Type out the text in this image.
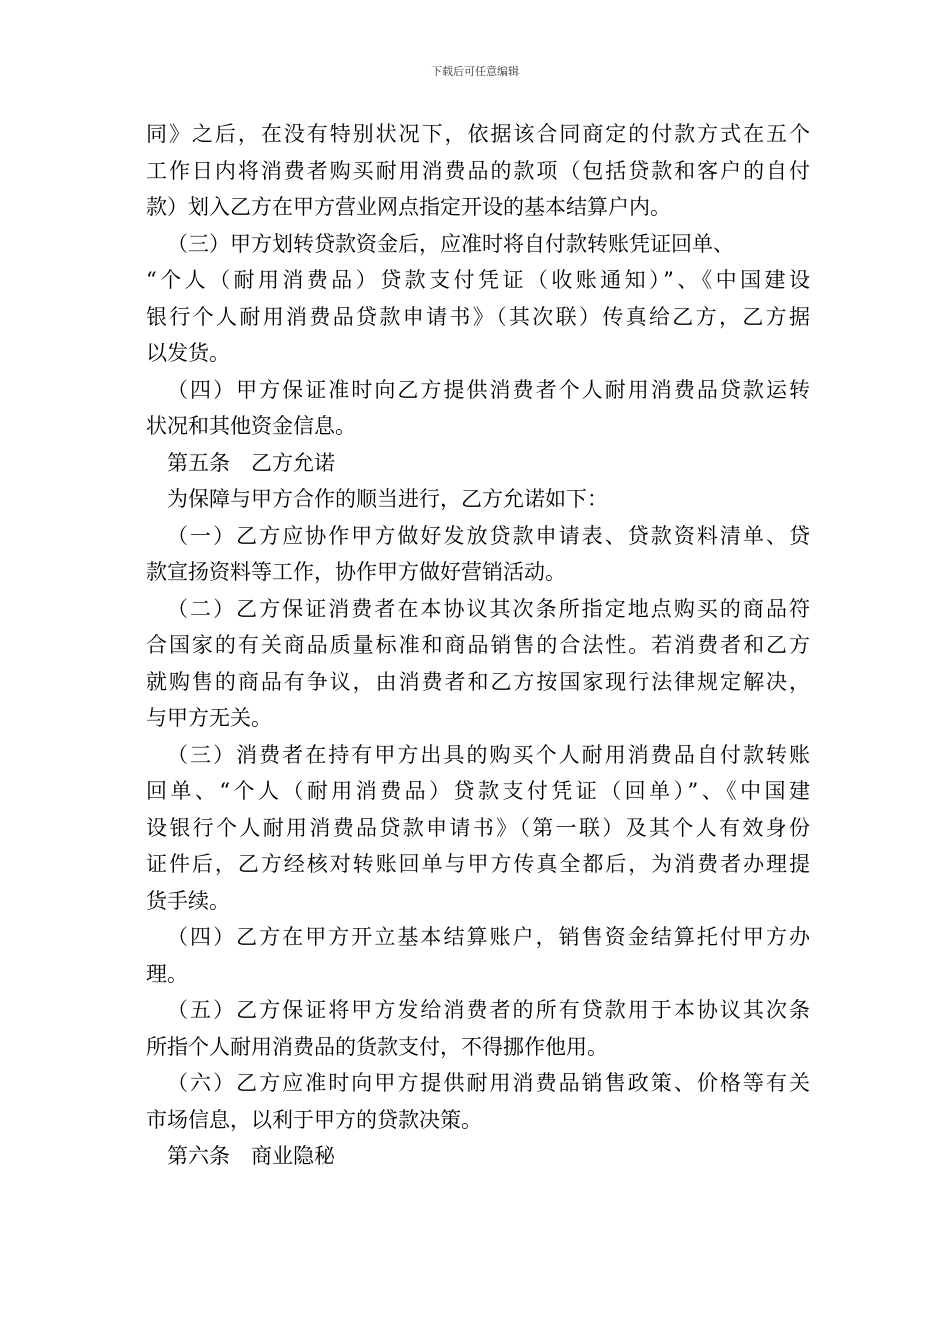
下载后可任意编辑
同》之后，在没有特别状况下，依据该合同商定的付款方式在五个
工作日内将消费者购买耐用消费品的款项（包括贷款和客户的自付
款）划入乙方在甲方营业网点指定开设的基本结算户内。
（三）甲方划转贷款资金后，应准时将自付款转账凭证回单、
“个人（耐用消费品）贷款支付凭证（收账通知）”、《中国建设
银行个人耐用消费品贷款申请书》（其次联）传真给乙方，乙方据
以发货。
（四）甲方保证准时向乙方提供消费者个人耐用消费品贷款运转
状况和其他资金信息。
第五条　乙方允诺
为保障与甲方合作的顺当进行，乙方允诺如下：
（一）乙方应协作甲方做好发放贷款申请表、贷款资料清单、贷
款宣扬资料等工作，协作甲方做好营销活动。
（二）乙方保证消费者在本协议其次条所指定地点购买的商品符
合国家的有关商品质量标准和商品销售的合法性。若消费者和乙方
就购售的商品有争议，由消费者和乙方按国家现行法律规定解决，
与甲方无关。
（三）消费者在持有甲方出具的购买个人耐用消费品自付款转账
回单、“个人（耐用消费品）贷款支付凭证（回单）”、《中国建
设银行个人耐用消费品贷款申请书》（第一联）及其个人有效身份
证件后，乙方经核对转账回单与甲方传真全都后，为消费者办理提
货手续。
（四）乙方在甲方开立基本结算账户，销售资金结算托付甲方办
理。
（五）乙方保证将甲方发给消费者的所有贷款用于本协议其次条
所指个人耐用消费品的货款支付，不得挪作他用。
（六）乙方应准时向甲方提供耐用消费品销售政策、价格等有关
市场信息，以利于甲方的贷款决策。
第六条　商业隐秘
